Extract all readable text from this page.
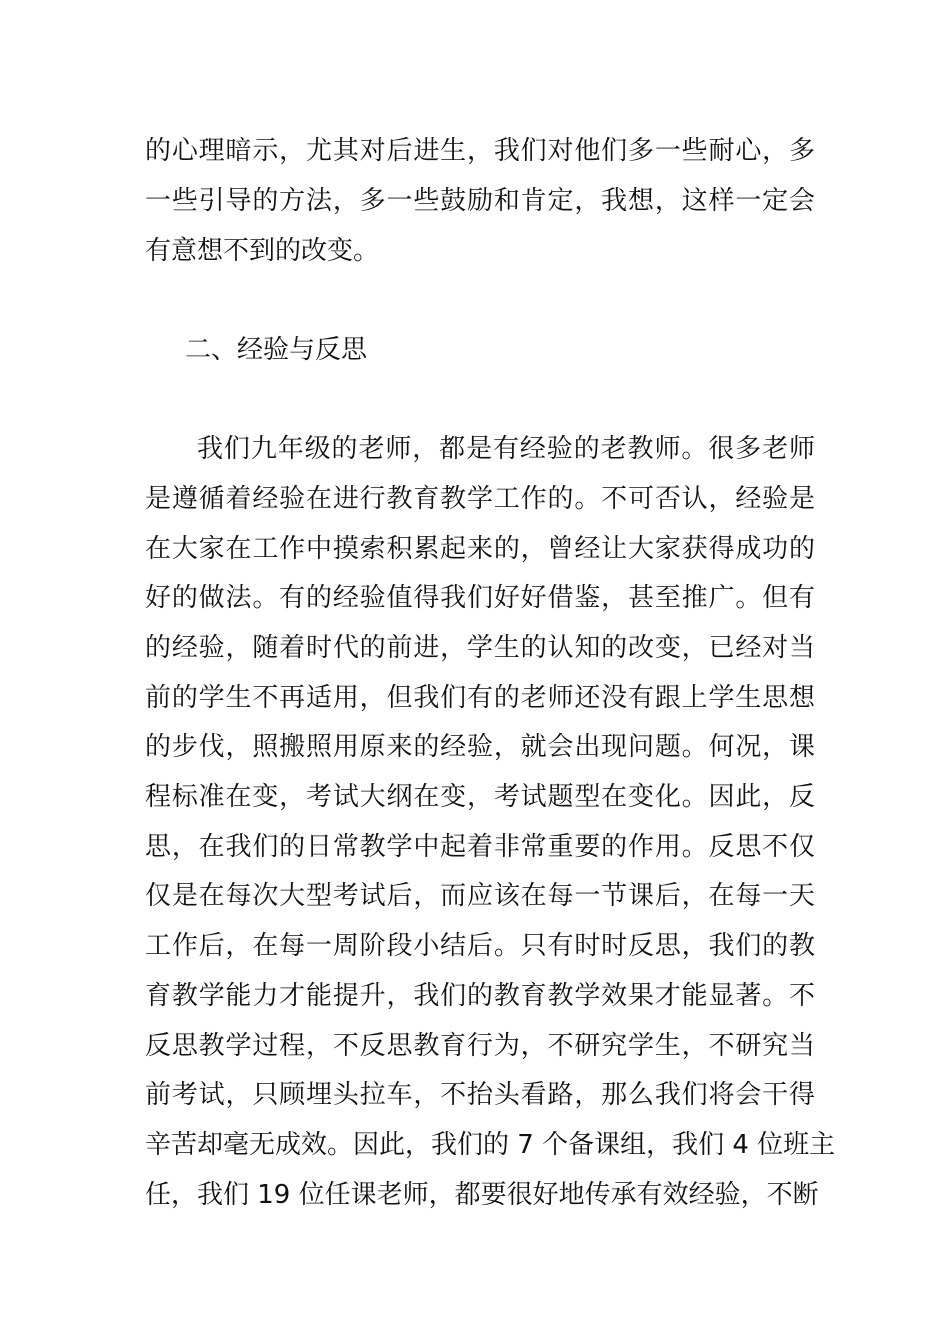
的心理暗示，尤其对后进生，我们对他们多一些耐心，多
一些引导的方法，多一些鼓励和肯定，我想，这样一定会
有意想不到的改变。
二、经验与反思
我们九年级的老师，都是有经验的老教师。很多老师
是遵循着经验在进行教育教学工作的。不可否认，经验是
在大家在工作中摸索积累起来的，曾经让大家获得成功的
好的做法。有的经验值得我们好好借鉴，甚至推广。但有
的经验，随着时代的前进，学生的认知的改变，已经对当
前的学生不再适用，但我们有的老师还没有跟上学生思想
的步伐，照搬照用原来的经验，就会出现问题。何况，课
程标准在变，考试大纲在变，考试题型在变化。因此，反
思，在我们的日常教学中起着非常重要的作用。反思不仅
仅是在每次大型考试后，而应该在每一节课后，在每一天
工作后，在每一周阶段小结后。只有时时反思，我们的教
育教学能力才能提升，我们的教育教学效果才能显著。不
反思教学过程，不反思教育行为，不研究学生，不研究当
前考试，只顾埋头拉车，不抬头看路，那么我们将会干得
辛苦却毫无成效。因此，我们的 7 个备课组，我们 4 位班主
任，我们 19 位任课老师，都要很好地传承有效经验，不断
